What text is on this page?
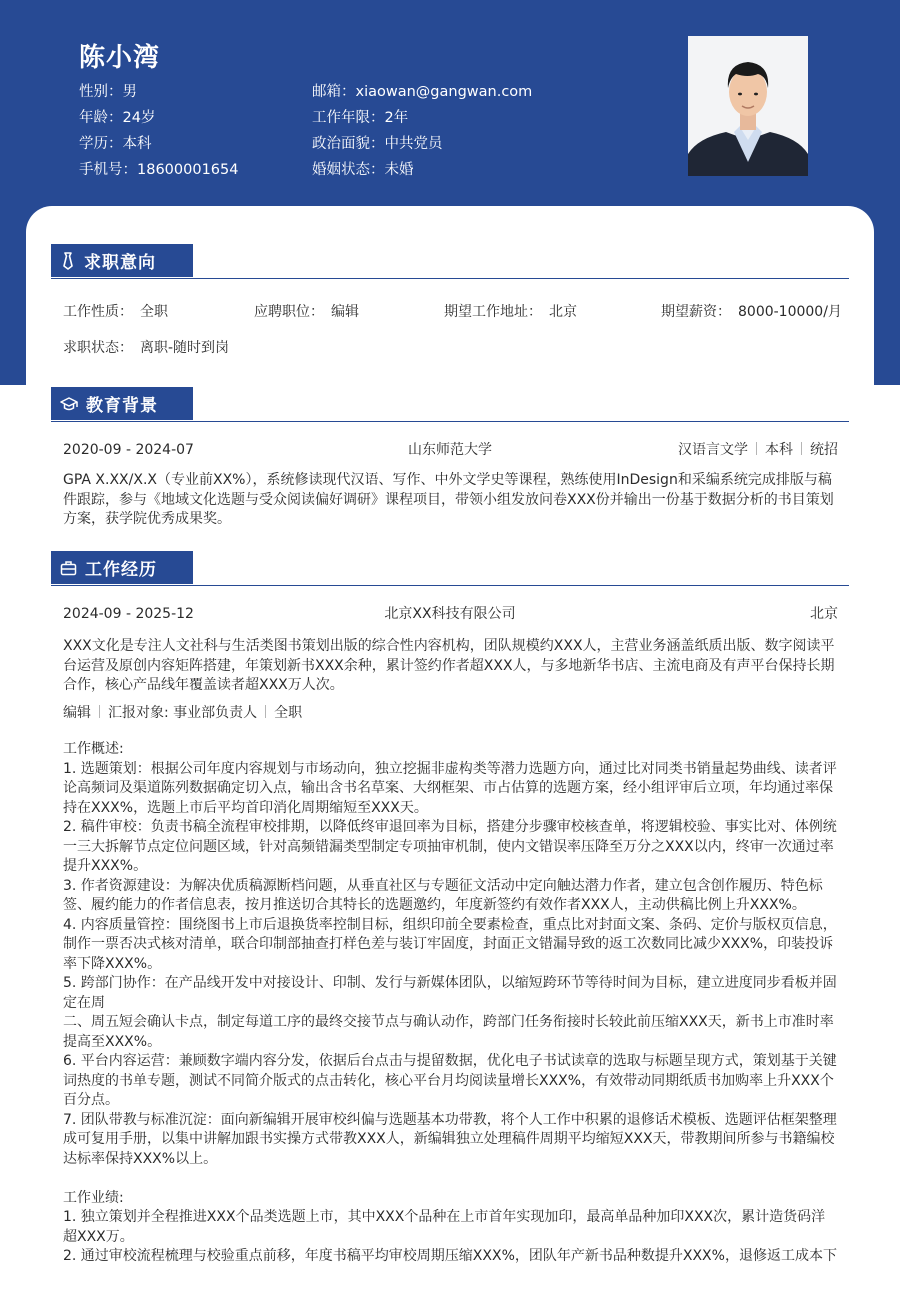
陈小湾
性别：男
年龄：24岁
学历：本科
手机号：18600001654
邮箱：xiaowan@gangwan.com
工作年限：2年
政治面貌：中共党员
婚姻状态：未婚
求职意向
工作性质： 全职	应聘职位： 编辑	期望工作地址： 北京	期望薪资： 8000-10000/月
求职状态： 离职-随时到岗
教育背景
2020-09 - 2024-07	山东师范大学	汉语言文学 本科 统招
GPA X.XX/X.X（专业前XX%），系统修读现代汉语、写作、中外文学史等课程，熟练使用InDesign和采编系统完成排版与稿件跟踪，参与《地域文化选题与受众阅读偏好调研》课程项目，带领小组发放问卷XXX份并输出一份基于数据分析的书目策划方案，获学院优秀成果奖。
工作经历
2024-09 - 2025-12	北京XX科技有限公司	北京
XXX文化是专注人文社科与生活类图书策划出版的综合性内容机构，团队规模约XXX人，主营业务涵盖纸质出版、数字阅读平台运营及原创内容矩阵搭建，年策划新书XXX余种，累计签约作者超XXX人，与多地新华书店、主流电商及有声平台保持长期合作，核心产品线年覆盖读者超XXX万人次。
编辑 汇报对象: 事业部负责人 全职
工作概述:
1. 选题策划：根据公司年度内容规划与市场动向，独立挖掘非虚构类等潜力选题方向，通过比对同类书销量起势曲线、读者评论高频词及渠道陈列数据确定切入点，输出含书名草案、大纲框架、市占估算的选题方案，经小组评审后立项，年均通过率保持在XXX%，选题上市后平均首印消化周期缩短至XXX天。
2. 稿件审校：负责书稿全流程审校排期，以降低终审退回率为目标，搭建分步骤审校核查单，将逻辑校验、事实比对、体例统一三大拆解节点定位问题区域，针对高频错漏类型制定专项抽审机制，使内文错误率压降至万分之XXX以内，终审一次通过率提升XXX%。
3. 作者资源建设：为解决优质稿源断档问题，从垂直社区与专题征文活动中定向触达潜力作者，建立包含创作履历、特色标签、履约能力的作者信息表，按月推送切合其特长的选题邀约，年度新签约有效作者XXX人，主动供稿比例上升XXX%。
4. 内容质量管控：围绕图书上市后退换货率控制目标，组织印前全要素检查，重点比对封面文案、条码、定价与版权页信息，制作一票否决式核对清单，联合印制部抽查打样色差与装订牢固度，封面正文错漏导致的返工次数同比减少XXX%，印装投诉率下降XXX%。
5. 跨部门协作：在产品线开发中对接设计、印制、发行与新媒体团队，以缩短跨环节等待时间为目标，建立进度同步看板并固定在周
二、周五短会确认卡点，制定每道工序的最终交接节点与确认动作，跨部门任务衔接时长较此前压缩XXX天，新书上市准时率提高至XXX%。
6. 平台内容运营：兼顾数字端内容分发，依据后台点击与提留数据，优化电子书试读章的选取与标题呈现方式，策划基于关键词热度的书单专题，测试不同简介版式的点击转化，核心平台月均阅读量增长XXX%，有效带动同期纸质书加购率上升XXX个百分点。
7. 团队带教与标准沉淀：面向新编辑开展审校纠偏与选题基本功带教，将个人工作中积累的退修话术模板、选题评估框架整理成可复用手册，以集中讲解加跟书实操方式带教XXX人，新编辑独立处理稿件周期平均缩短XXX天，带教期间所参与书籍编校达标率保持XXX%以上。
工作业绩:
1. 独立策划并全程推进XXX个品类选题上市，其中XXX个品种在上市首年实现加印，最高单品种加印XXX次，累计造货码洋超XXX万。
2. 通过审校流程梳理与校验重点前移，年度书稿平均审校周期压缩XXX%，团队年产新书品种数提升XXX%，退修返工成本下
